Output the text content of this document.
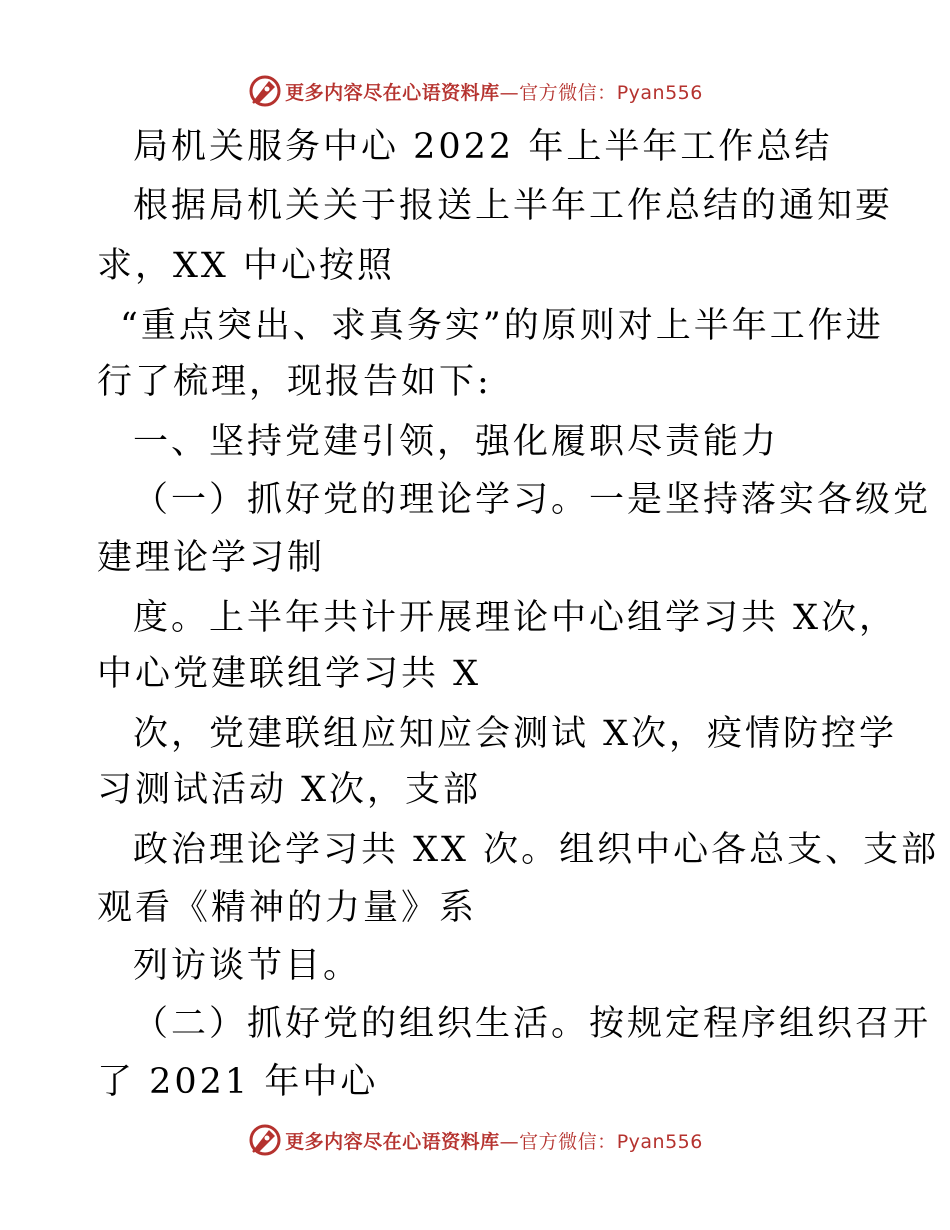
更多内容尽在心语资料库—官方微信：Pyan556
局机关服务中心 2022 年上半年工作总结
根据局机关关于报送上半年工作总结的通知要
求，XX 中心按照
“重点突出、求真务实”的原则对上半年工作进
行了梳理，现报告如下:
一、坚持党建引领，强化履职尽责能力
（一）抓好党的理论学习。一是坚持落实各级党
建理论学习制
度。上半年共计开展理论中心组学习共 X次，
中心党建联组学习共 X
次，党建联组应知应会测试 X次，疫情防控学
习测试活动 X次，支部
政治理论学习共 XX 次。组织中心各总支、支部
观看《精神的力量》系
列访谈节目。
（二）抓好党的组织生活。按规定程序组织召开
了 2021 年中心
更多内容尽在心语资料库—官方微信：Pyan556
